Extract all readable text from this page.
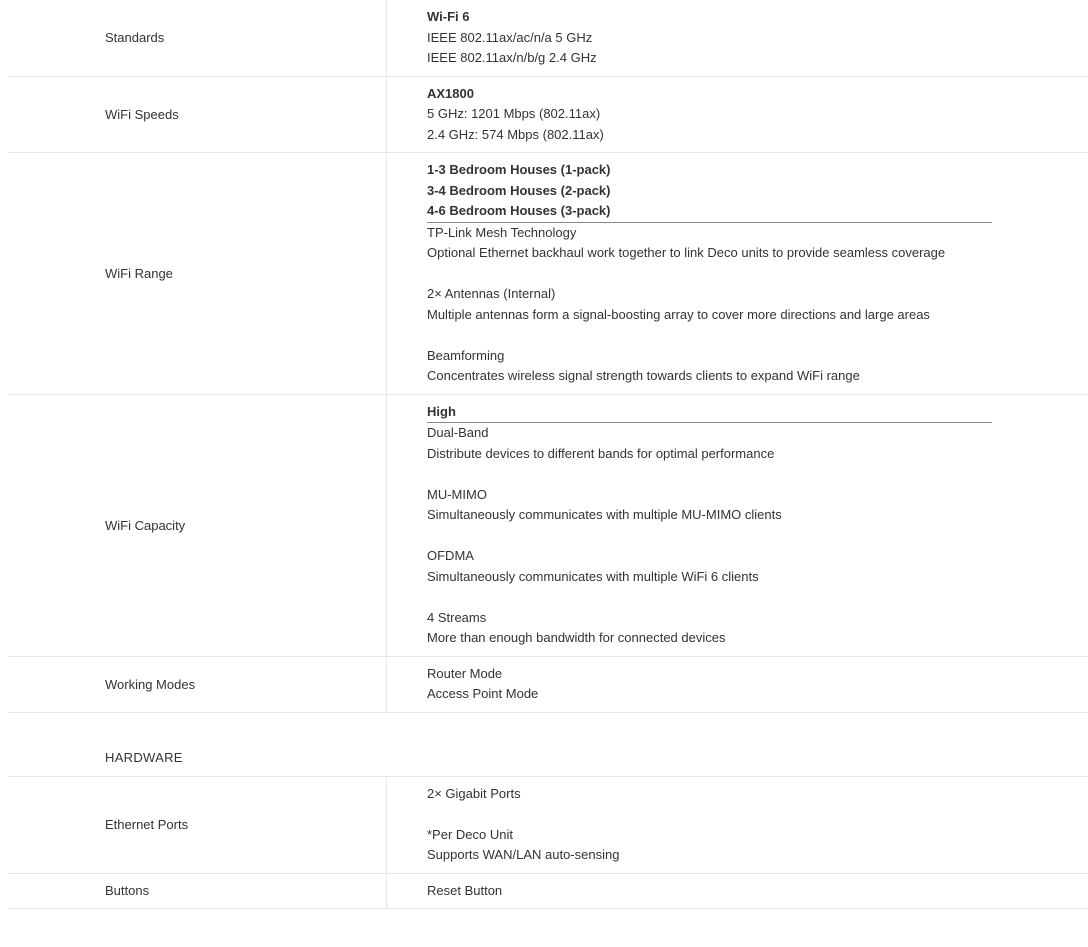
Standards
Wi-Fi 6
IEEE 802.11ax/ac/n/a 5 GHz
IEEE 802.11ax/n/b/g 2.4 GHz
WiFi Speeds
AX1800
5 GHz: 1201 Mbps (802.11ax)
2.4 GHz: 574 Mbps (802.11ax)
WiFi Range
1-3 Bedroom Houses (1-pack)
3-4 Bedroom Houses (2-pack)
4-6 Bedroom Houses (3-pack)
TP-Link Mesh Technology
Optional Ethernet backhaul work together to link Deco units to provide seamless coverage
2× Antennas (Internal)
Multiple antennas form a signal-boosting array to cover more directions and large areas
Beamforming
Concentrates wireless signal strength towards clients to expand WiFi range
WiFi Capacity
High
Dual-Band
Distribute devices to different bands for optimal performance
MU-MIMO
Simultaneously communicates with multiple MU-MIMO clients
OFDMA
Simultaneously communicates with multiple WiFi 6 clients
4 Streams
More than enough bandwidth for connected devices
Working Modes
Router Mode
Access Point Mode
HARDWARE
Ethernet Ports
2× Gigabit Ports
*Per Deco Unit
Supports WAN/LAN auto-sensing
Buttons	Reset Button
